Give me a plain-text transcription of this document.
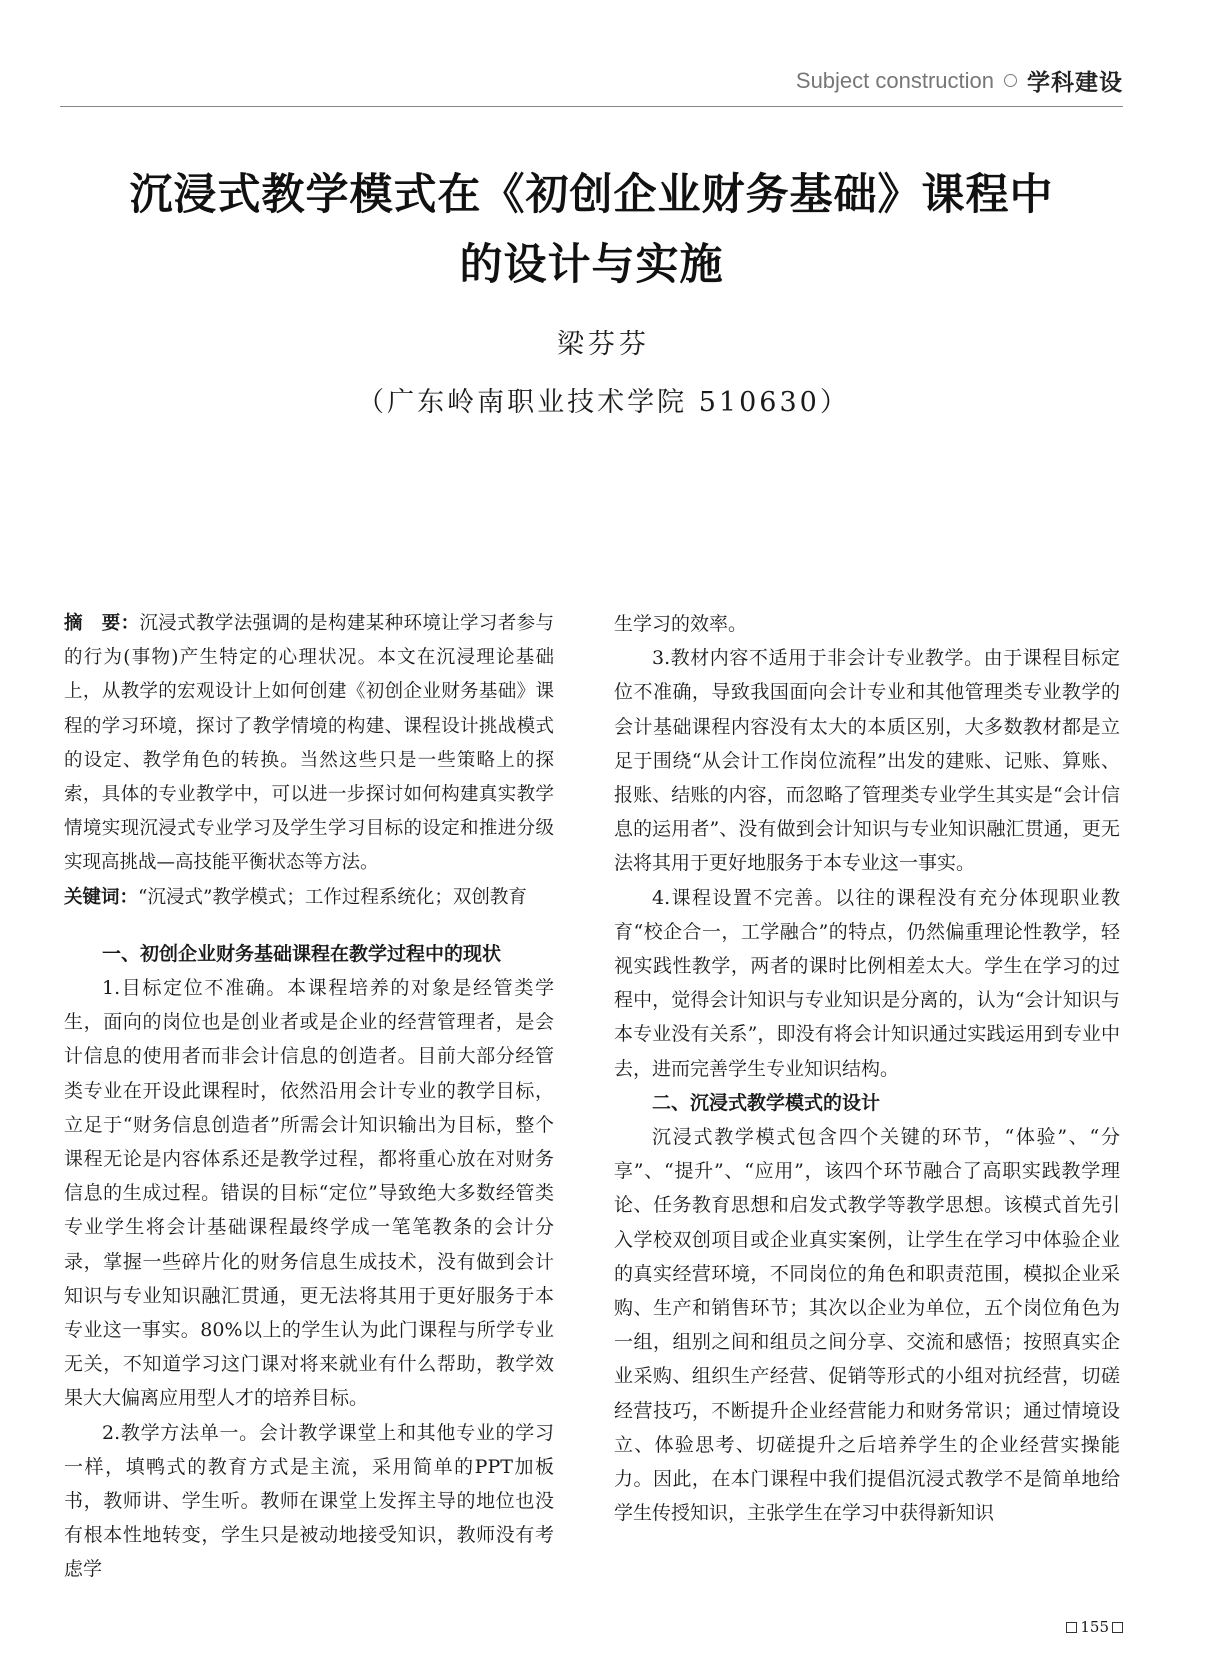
Subject construction 学科建设
沉浸式教学模式在《初创企业财务基础》课程中
的设计与实施
梁芬芬
（广东岭南职业技术学院 510630）

摘　要：沉浸式教学法强调的是构建某种环境让学习者参与的行为(事物)产生特定的心理状况。本文在沉浸理论基础上，从教学的宏观设计上如何创建《初创企业财务基础》课程的学习环境，探讨了教学情境的构建、课程设计挑战模式的设定、教学角色的转换。当然这些只是一些策略上的探索，具体的专业教学中，可以进一步探讨如何构建真实教学情境实现沉浸式专业学习及学生学习目标的设定和推进分级实现高挑战—高技能平衡状态等方法。

关键词：“沉浸式”教学模式；工作过程系统化；双创教育

一、初创企业财务基础课程在教学过程中的现状

1.目标定位不准确。本课程培养的对象是经管类学生，面向的岗位也是创业者或是企业的经营管理者，是会计信息的使用者而非会计信息的创造者。目前大部分经管类专业在开设此课程时，依然沿用会计专业的教学目标，立足于“财务信息创造者”所需会计知识输出为目标，整个课程无论是内容体系还是教学过程，都将重心放在对财务信息的生成过程。错误的目标“定位”导致绝大多数经管类专业学生将会计基础课程最终学成一笔笔教条的会计分录，掌握一些碎片化的财务信息生成技术，没有做到会计知识与专业知识融汇贯通，更无法将其用于更好服务于本专业这一事实。80%以上的学生认为此门课程与所学专业无关，不知道学习这门课对将来就业有什么帮助，教学效果大大偏离应用型人才的培养目标。

2.教学方法单一。会计教学课堂上和其他专业的学习一样，填鸭式的教育方式是主流，采用简单的PPT加板书，教师讲、学生听。教师在课堂上发挥主导的地位也没有根本性地转变，学生只是被动地接受知识，教师没有考虑学

生学习的效率。

3.教材内容不适用于非会计专业教学。由于课程目标定位不准确，导致我国面向会计专业和其他管理类专业教学的会计基础课程内容没有太大的本质区别，大多数教材都是立足于围绕“从会计工作岗位流程”出发的建账、记账、算账、报账、结账的内容，而忽略了管理类专业学生其实是“会计信息的运用者”、没有做到会计知识与专业知识融汇贯通，更无法将其用于更好地服务于本专业这一事实。

4.课程设置不完善。以往的课程没有充分体现职业教育“校企合一，工学融合”的特点，仍然偏重理论性教学，轻视实践性教学，两者的课时比例相差太大。学生在学习的过程中，觉得会计知识与专业知识是分离的，认为“会计知识与本专业没有关系”，即没有将会计知识通过实践运用到专业中去，进而完善学生专业知识结构。

二、沉浸式教学模式的设计

沉浸式教学模式包含四个关键的环节，“体验”、“分享”、“提升”、“应用”，该四个环节融合了高职实践教学理论、任务教育思想和启发式教学等教学思想。该模式首先引入学校双创项目或企业真实案例，让学生在学习中体验企业的真实经营环境，不同岗位的角色和职责范围，模拟企业采购、生产和销售环节；其次以企业为单位，五个岗位角色为一组，组别之间和组员之间分享、交流和感悟；按照真实企业采购、组织生产经营、促销等形式的小组对抗经营，切磋经营技巧，不断提升企业经营能力和财务常识；通过情境设立、体验思考、切磋提升之后培养学生的企业经营实操能力。因此，在本门课程中我们提倡沉浸式教学不是简单地给学生传授知识，主张学生在学习中获得新知识

155
